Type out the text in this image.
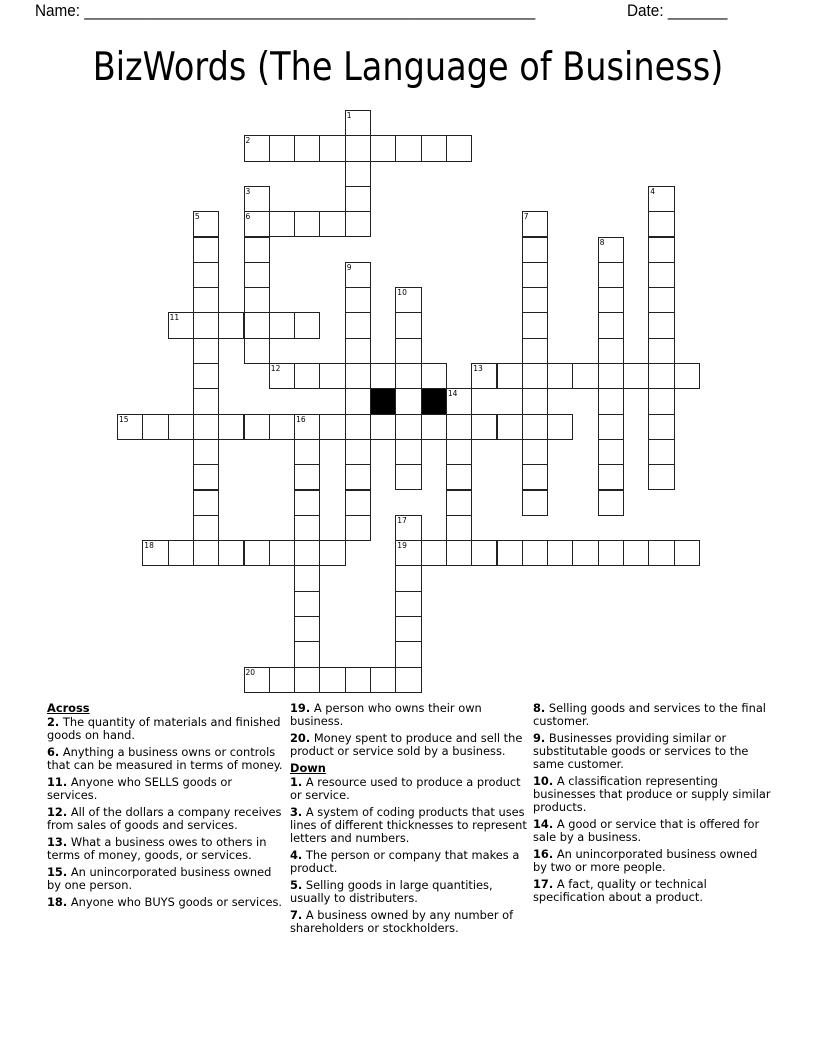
Name: _____________________________________________________	Date: _______
BizWords (The Language of Business)
1
2
3
6
4
5	7
8
9
10
11
12	13
14
15	16
17
19
18
20
Across
2. The quantity of materials and finished goods on hand.
6. Anything a business owns or controls that can be measured in terms of money.
11. Anyone who SELLS goods or services.
12. All of the dollars a company receives from sales of goods and services.
13. What a business owes to others in terms of money, goods, or services.
15. An unincorporated business owned by one person.
18. Anyone who BUYS goods or services.
19. A person who owns their own business.
20. Money spent to produce and sell the product or service sold by a business.
Down
1. A resource used to produce a product or service.
3. A system of coding products that uses lines of different thicknesses to represent letters and numbers.
4. The person or company that makes a product.
5. Selling goods in large quantities, usually to distributers.
7. A business owned by any number of shareholders or stockholders.
8. Selling goods and services to the final customer.
9. Businesses providing similar or substitutable goods or services to the same customer.
10. A classification representing businesses that produce or supply similar products.
14. A good or service that is offered for sale by a business.
16. An unincorporated business owned by two or more people.
17. A fact, quality or technical specification about a product.
